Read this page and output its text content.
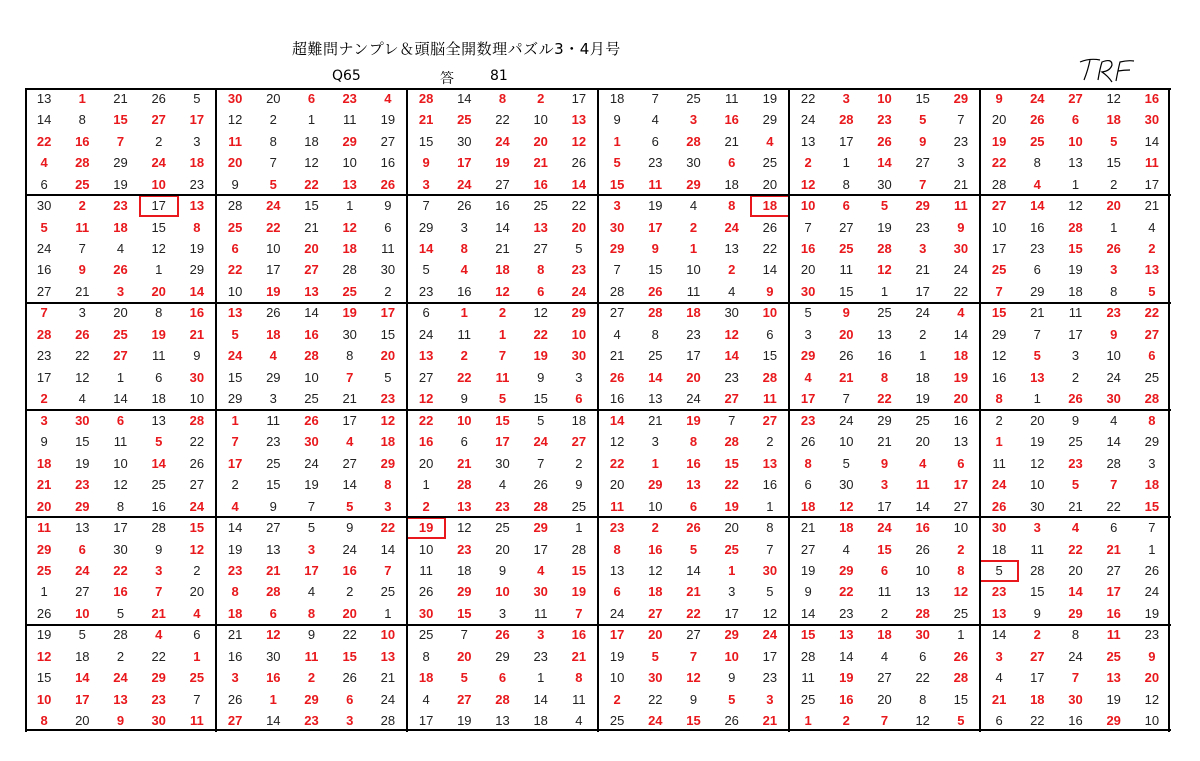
超難問ナンプレ＆頭脳全開数理パズル3・4月号
Q65	答	81
13	1	21	26	5	30	20	6	23	4	28	14	8	2	17	18	7	25	11	19	22	3	10	15	29	9	24	27	12	16
14	8	15	27	17	12	2	1	11	19	21	25	22	10	13	9	4	3	16	29	24	28	23	5	7	20	26	6	18	30
22	16	7	2	3	11	8	18	29	27	15	30	24	20	12	1	6	28	21	4	13	17	26	9	23	19	25	10	5	14
4	28	29	24	18	20	7	12	10	16	9	17	19	21	26	5	23	30	6	25	2	1	14	27	3	22	8	13	15	11
6	25	19	10	23	9	5	22	13	26	3	24	27	16	14	15	11	29	18	20	12	8	30	7	21	28	4	1	2	17
30	2	23	17	13	28	24	15	1	9	7	26	16	25	22	3	19	4	8	18	10	6	5	29	11	27	14	12	20	21
5	11	18	15	8	25	22	21	12	6	29	3	14	13	20	30	17	2	24	26	7	27	19	23	9	10	16	28	1	4
24	7	4	12	19	6	10	20	18	11	14	8	21	27	5	29	9	1	13	22	16	25	28	3	30	17	23	15	26	2
16	9	26	1	29	22	17	27	28	30	5	4	18	8	23	7	15	10	2	14	20	11	12	21	24	25	6	19	3	13
27	21	3	20	14	10	19	13	25	2	23	16	12	6	24	28	26	11	4	9	30	15	1	17	22	7	29	18	8	5
7	3	20	8	16	13	26	14	19	17	6	1	2	12	29	27	28	18	30	10	5	9	25	24	4	15	21	11	23	22
28	26	25	19	21	5	18	16	30	15	24	11	1	22	10	4	8	23	12	6	3	20	13	2	14	29	7	17	9	27
23	22	27	11	9	24	4	28	8	20	13	2	7	19	30	21	25	17	14	15	29	26	16	1	18	12	5	3	10	6
17	12	1	6	30	15	29	10	7	5	27	22	11	9	3	26	14	20	23	28	4	21	8	18	19	16	13	2	24	25
2	4	14	18	10	29	3	25	21	23	12	9	5	15	6	16	13	24	27	11	17	7	22	19	20	8	1	26	30	28
3	30	6	13	28	1	11	26	17	12	22	10	15	5	18	14	21	19	7	27	23	24	29	25	16	2	20	9	4	8
9	15	11	5	22	7	23	30	4	18	16	6	17	24	27	12	3	8	28	2	26	10	21	20	13	1	19	25	14	29
18	19	10	14	26	17	25	24	27	29	20	21	30	7	2	22	1	16	15	13	8	5	9	4	6	11	12	23	28	3
21	23	12	25	27	2	15	19	14	8	1	28	4	26	9	20	29	13	22	16	6	30	3	11	17	24	10	5	7	18
20	29	8	16	24	4	9	7	5	3	2	13	23	28	25	11	10	6	19	1	18	12	17	14	27	26	30	21	22	15
11	13	17	28	15	14	27	5	9	22	19	12	25	29	1	23	2	26	20	8	21	18	24	16	10	30	3	4	6	7
29	6	30	9	12	19	13	3	24	14	10	23	20	17	28	8	16	5	25	7	27	4	15	26	2	18	11	22	21	1
25	24	22	3	2	23	21	17	16	7	11	18	9	4	15	13	12	14	1	30	19	29	6	10	8	5	28	20	27	26
1	27	16	7	20	8	28	4	2	25	26	29	10	30	19	6	18	21	3	5	9	22	11	13	12	23	15	14	17	24
26	10	5	21	4	18	6	8	20	1	30	15	3	11	7	24	27	22	17	12	14	23	2	28	25	13	9	29	16	19
19	5	28	4	6	21	12	9	22	10	25	7	26	3	16	17	20	27	29	24	15	13	18	30	1	14	2	8	11	23
12	18	2	22	1	16	30	11	15	13	8	20	29	23	21	19	5	7	10	17	28	14	4	6	26	3	27	24	25	9
15	14	24	29	25	3	16	2	26	21	18	5	6	1	8	10	30	12	9	23	11	19	27	22	28	4	17	7	13	20
10	17	13	23	7	26	1	29	6	24	4	27	28	14	11	2	22	9	5	3	25	16	20	8	15	21	18	30	19	12
8	20	9	30	11	27	14	23	3	28	17	19	13	18	4	25	24	15	26	21	1	2	7	12	5	6	22	16	29	10
